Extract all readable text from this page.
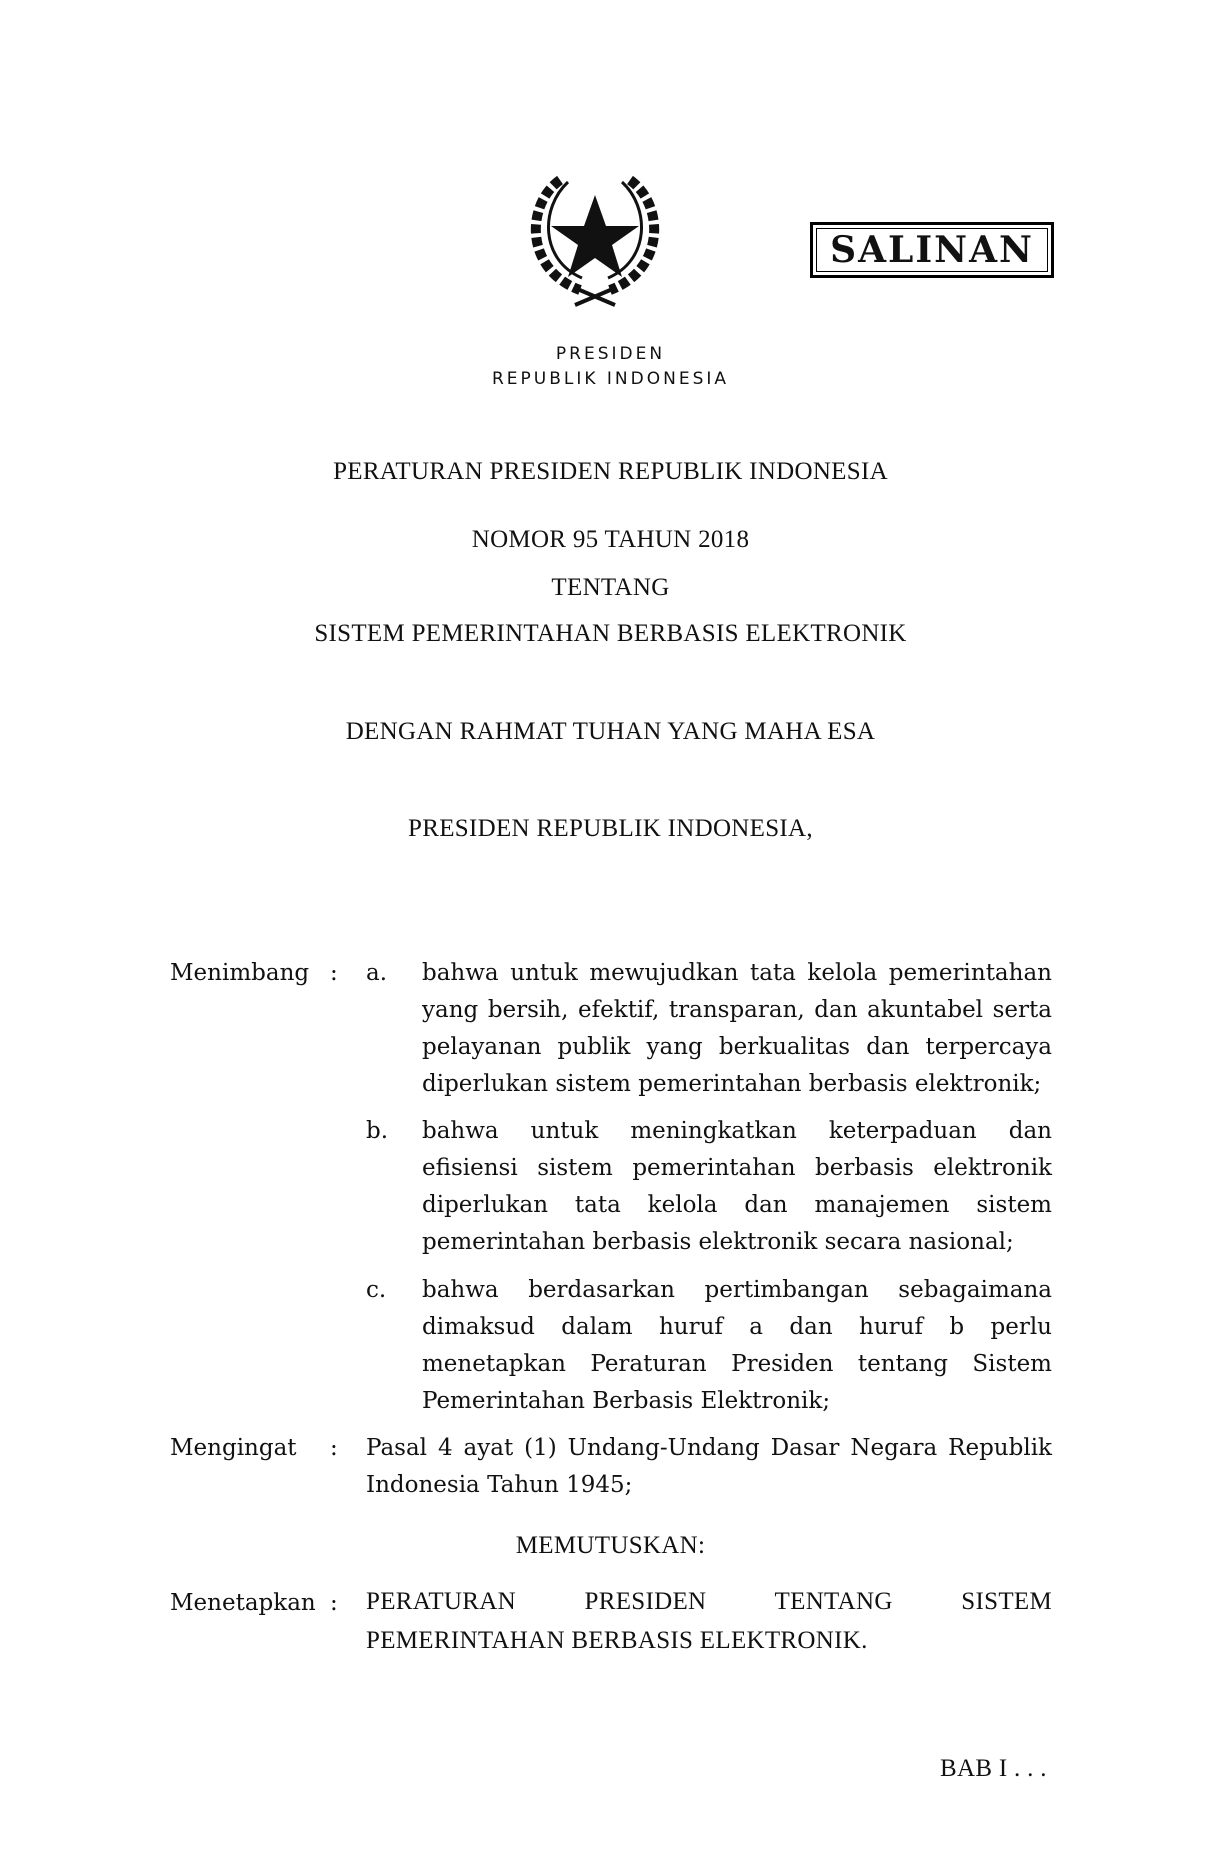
SALINAN
PRESIDEN
REPUBLIK INDONESIA
PERATURAN PRESIDEN REPUBLIK INDONESIA
NOMOR 95 TAHUN 2018
TENTANG
SISTEM PEMERINTAHAN BERBASIS ELEKTRONIK
DENGAN RAHMAT TUHAN YANG MAHA ESA
PRESIDEN REPUBLIK INDONESIA,
Menimbang : a. bahwa untuk mewujudkan tata kelola pemerintahan yang bersih, efektif, transparan, dan akuntabel serta pelayanan publik yang berkualitas dan terpercaya diperlukan sistem pemerintahan berbasis elektronik;
b. bahwa untuk meningkatkan keterpaduan dan efisiensi sistem pemerintahan berbasis elektronik diperlukan tata kelola dan manajemen sistem pemerintahan berbasis elektronik secara nasional;
c. bahwa berdasarkan pertimbangan sebagaimana dimaksud dalam huruf a dan huruf b perlu menetapkan Peraturan Presiden tentang Sistem Pemerintahan Berbasis Elektronik;
Mengingat : Pasal 4 ayat (1) Undang-Undang Dasar Negara Republik Indonesia Tahun 1945;
MEMUTUSKAN:
Menetapkan : PERATURAN PRESIDEN TENTANG SISTEM
PEMERINTAHAN BERBASIS ELEKTRONIK.
BAB I . . .
